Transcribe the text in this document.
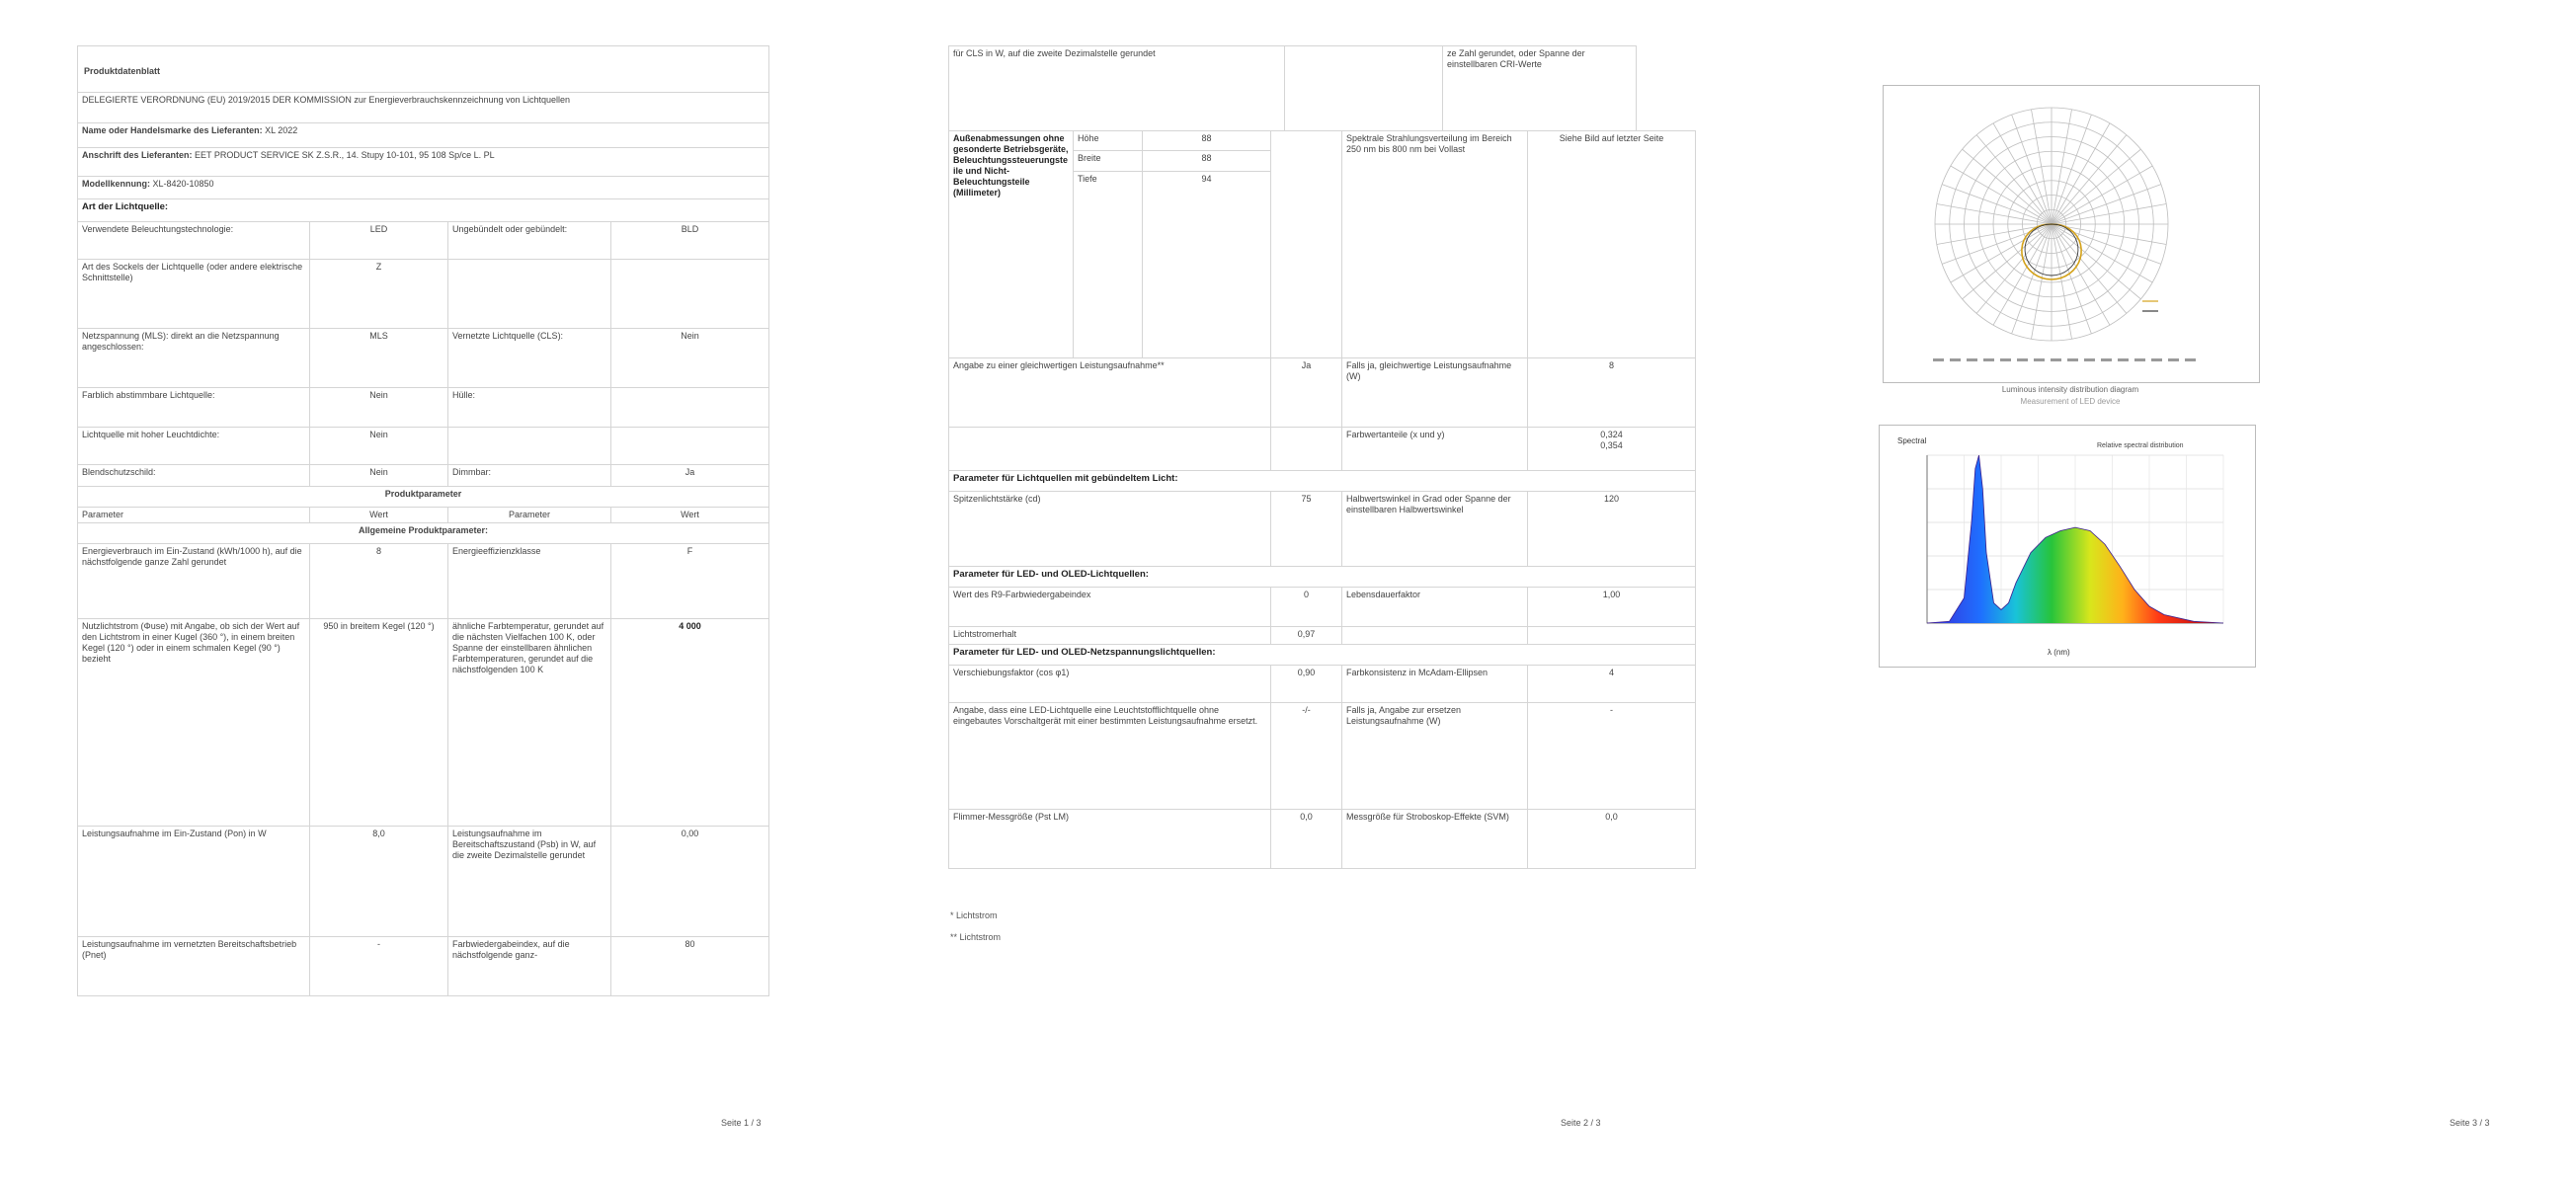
Produktdatenblatt			
DELEGIERTE VERORDNUNG (EU) 2019/2015 DER KOMMISSION zur Energieverbrauchskennzeichnung von Lichtquellen			
Name oder Handelsmarke des Lieferanten: XL 2022			
Anschrift des Lieferanten: EET PRODUCT SERVICE SK Z.S.R., 14. Stupy 10-101, 95 108 Sp/ce L. PL			
Modellkennung: XL-8420-10850			
Art der Lichtquelle:			
Verwendete Beleuchtungstechnologie:	LED	Ungebündelt oder gebündelt:	BLD
Art des Sockels der Lichtquelle (oder andere elektrische Schnittstelle)	Z		
Netzspannung (MLS): direkt an die Netzspannung angeschlossen:	MLS	Vernetzte Lichtquelle (CLS):	Nein
Farblich abstimmbare Lichtquelle:	Nein	Hülle:	
Lichtquelle mit hoher Leuchtdichte:	Nein		
Blendschutzschild:	Nein	Dimmbar:	Ja
Produktparameter			
Parameter	Wert	Parameter	Wert
Allgemeine Produktparameter:			
Energieverbrauch im Ein-Zustand (kWh/1000 h), auf die nächstfolgende ganze Zahl gerundet	8	Energieeffizienzklasse	F
Nutzlichtstrom (Φuse) mit Angabe, ob sich der Wert auf den Lichtstrom in einer Kugel (360 °), in einem breiten Kegel (120 °) oder in einem schmalen Kegel (90 °) bezieht	950 in breitem Kegel (120 °)	ähnliche Farbtemperatur, gerundet auf die nächsten Vielfachen 100 K, oder Spanne der einstellbaren ähnlichen Farbtemperaturen, gerundet auf die nächstfolgenden 100 K	4 000
Leistungsaufnahme im Ein-Zustand (Pon) in W	8,0	Leistungsaufnahme im Bereitschaftszustand (Psb) in W, auf die zweite Dezimalstelle gerundet	0,00
Leistungsaufnahme im vernetzten Bereitschaftsbetrieb (Pnet)	-	Farbwiedergabeindex, auf die nächstfolgende ganz-	80
Seite 1 / 3
für CLS in W, auf die zweite Dezimalstelle gerundet		ze Zahl gerundet, oder Spanne der einstellbaren CRI-Werte
Außenabmessungen ohne gesonderte Betriebsgeräte, Beleuchtungssteuerungsteile und Nicht-Beleuchtungsteile (Millimeter)	Höhe	88		Spektrale Strahlungsverteilung im Bereich 250 nm bis 800 nm bei Vollast	Siehe Bild auf letzter Seite
	Breite	88			
	Tiefe	94			
Angabe zu einer gleichwertigen Leistungsaufnahme**			Ja	Falls ja, gleichwertige Leistungsaufnahme (W)	8
				Farbwertanteile (x und y)	0,324
0,354

Parameter für Lichtquellen mit gebündeltem Licht:					
Spitzenlichtstärke (cd)			75	Halbwertswinkel in Grad oder Spanne der einstellbaren Halbwertswinkel	120
Parameter für LED- und OLED-Lichtquellen:					
Wert des R9-Farbwiedergabeindex			0	Lebensdauerfaktor	1,00
Lichtstromerhalt			0,97		
Parameter für LED- und OLED-Netzspannungslichtquellen:					
Verschiebungsfaktor (cos φ1)			0,90	Farbkonsistenz in McAdam-Ellipsen	4
Angabe, dass eine LED-Lichtquelle eine Leuchtstofflichtquelle ohne eingebautes Vorschaltgerät mit einer bestimmten Leistungsaufnahme ersetzt.			-/-	Falls ja, Angabe zur ersetzen Leistungsaufnahme (W)	-
Flimmer-Messgröße (Pst LM)			0,0	Messgröße für Stroboskop-Effekte (SVM)	0,0
* Lichtstrom
** Lichtstrom
Seite 2 / 3
Luminous intensity distribution diagram
Measurement of LED device
Spectral
Relative spectral distribution
λ (nm)
Seite 3 / 3
